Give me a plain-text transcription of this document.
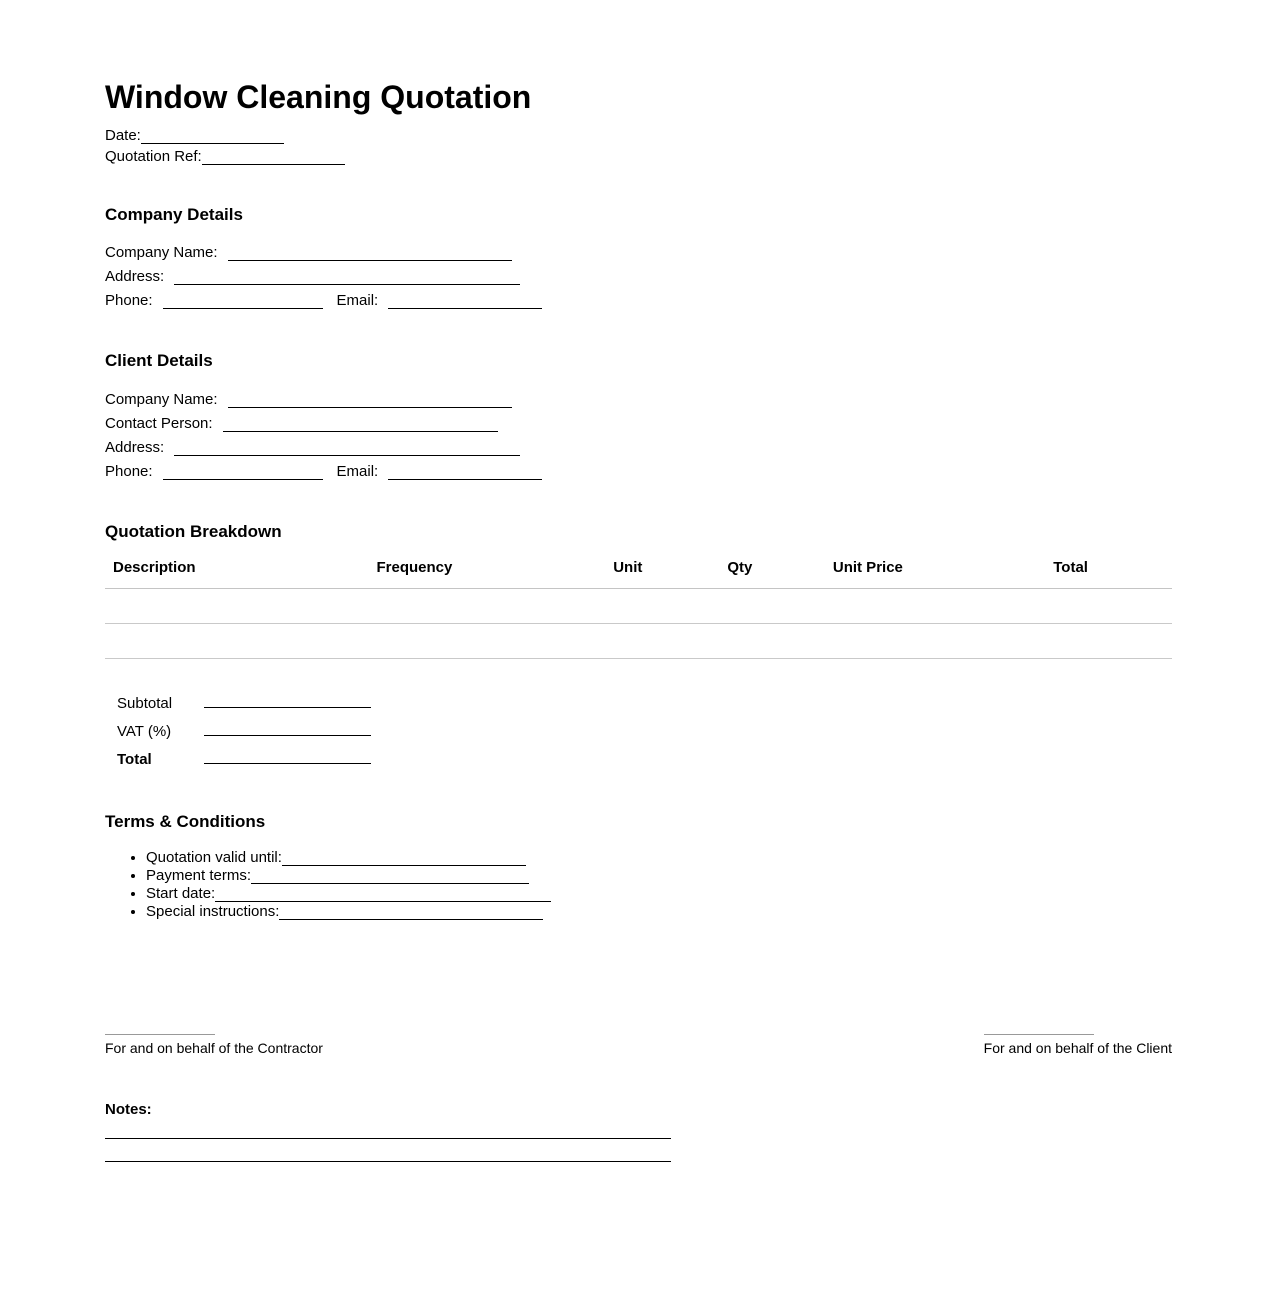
Window Cleaning Quotation
Date:
Quotation Ref:
Company Details
Company Name:
Address:
Phone:	Email:
Client Details
Company Name:
Contact Person:
Address:
Phone:	Email:
Quotation Breakdown
Description	Frequency	Unit	Qty	Unit Price	Total

Subtotal
VAT (%)
Total
Terms & Conditions
• Quotation valid until:
• Payment terms:
• Start date:
• Special instructions:
For and on behalf of the Contractor	For and on behalf of the Client
Notes:
